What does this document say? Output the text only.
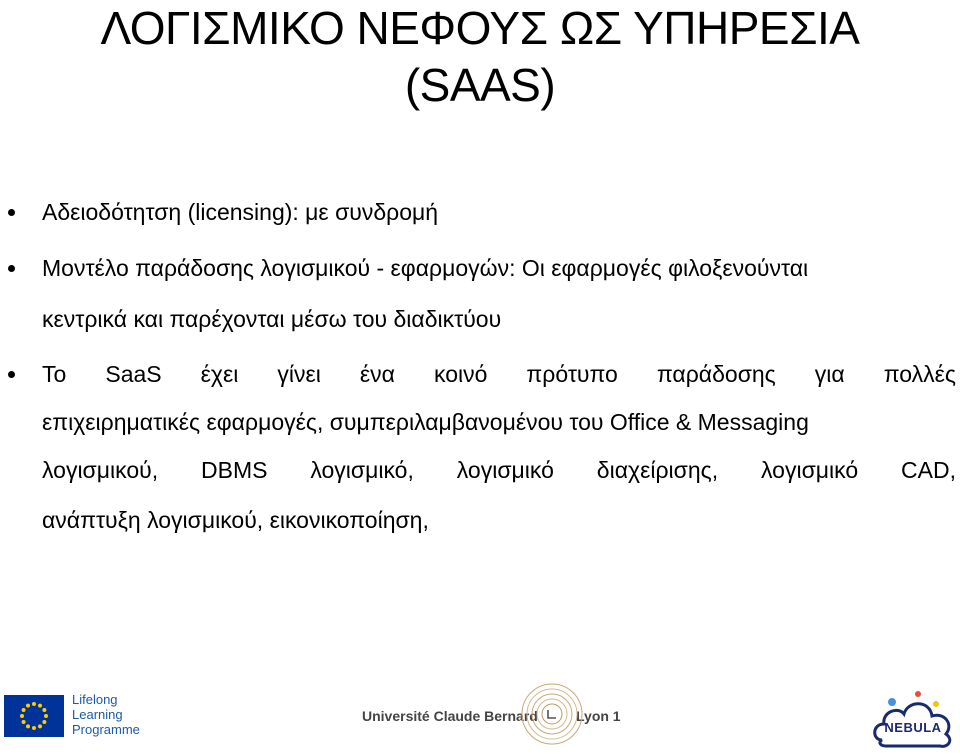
ΛΟΓΙΣΜΙΚΟ ΝΕΦΟΥΣ ΩΣ ΥΠΗΡΕΣΙΑ
(SAAS)
Αδειοδότητση (licensing): με συνδρομή
Μοντέλο παράδοσης λογισμικού - εφαρμογών: Οι εφαρμογές φιλοξενούνται
κεντρικά και παρέχονται μέσω του διαδικτύου
Το SaaS έχει γίνει ένα κοινό πρότυπο παράδοσης για πολλές
επιχειρηματικές εφαρμογές, συμπεριλαμβανομένου του Office & Messaging
λογισμικού, DBMS λογισμικό, λογισμικό διαχείρισης, λογισμικό CAD,
ανάπτυξη λογισμικού, εικονικοποίηση,
Lifelong
Learning
Programme
Université Claude Bernard	Lyon 1
NEBULA
